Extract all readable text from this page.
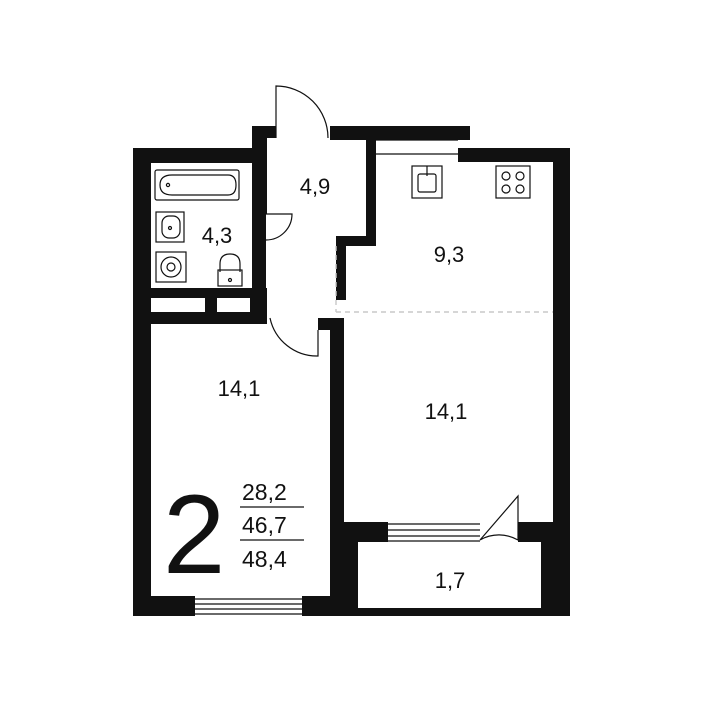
4,9
4,3
9,3
14,1
14,1
1,7
2 28,2
46,7
48,4
